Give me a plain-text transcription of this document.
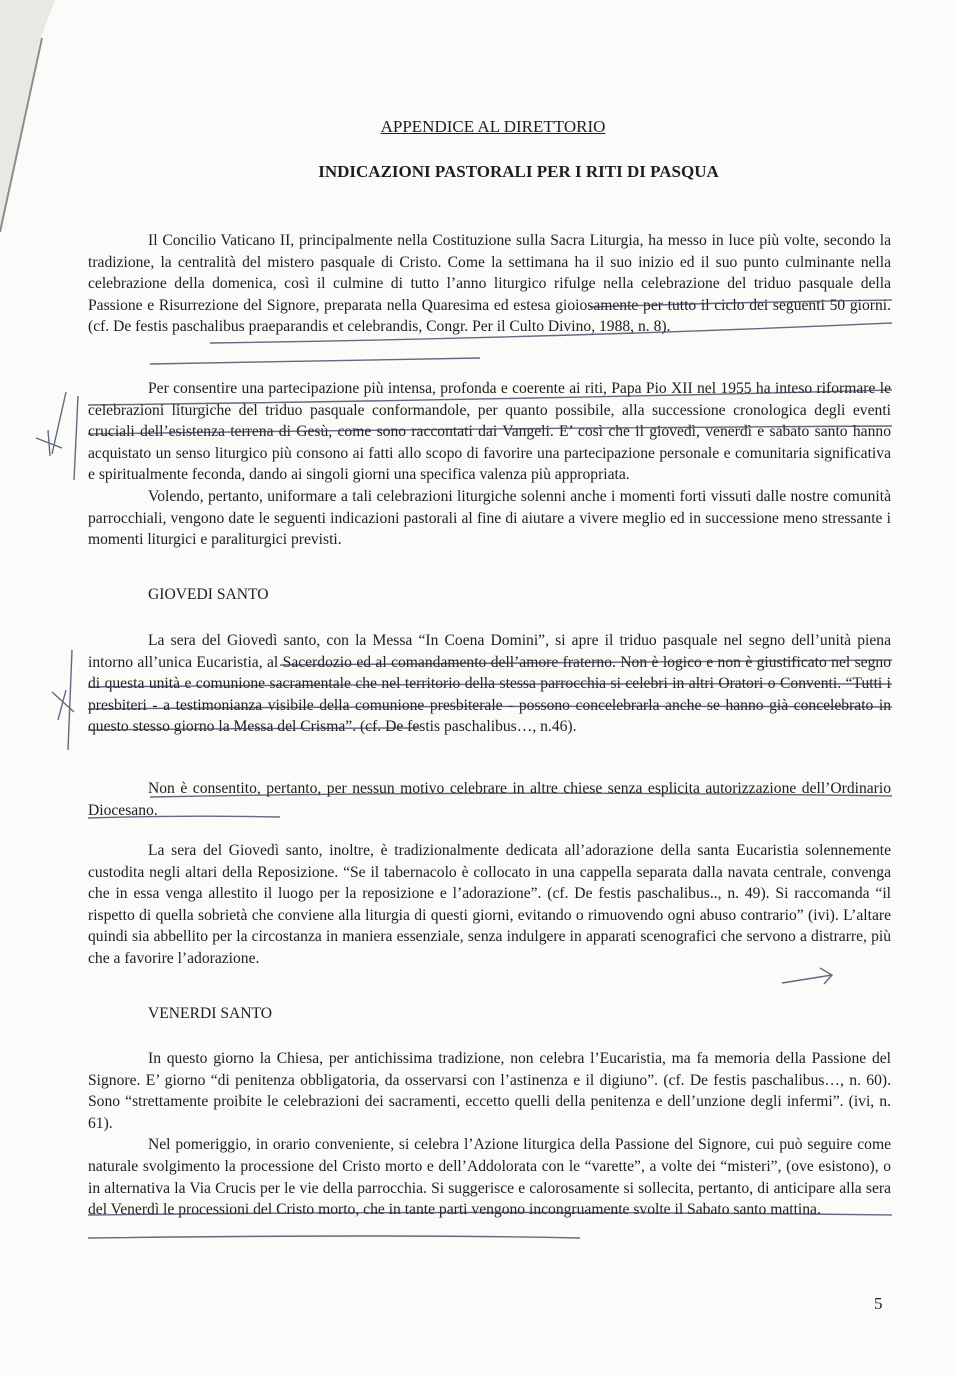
APPENDICE AL DIRETTORIO
INDICAZIONI PASTORALI PER I RITI DI PASQUA

Il Concilio Vaticano II, principalmente nella Costituzione sulla Sacra Liturgia, ha messo in luce più volte, secondo la tradizione, la centralità del mistero pasquale di Cristo. Come la settimana ha il suo inizio ed il suo punto culminante nella celebrazione della domenica, così il culmine di tutto l’anno liturgico rifulge nella celebrazione del triduo pasquale della Passione e Risurrezione del Signore, preparata nella Quaresima ed estesa gioiosamente per tutto il ciclo dei seguenti 50 giorni. (cf. De festis paschalibus praeparandis et celebrandis, Congr. Per il Culto Divino, 1988, n. 8).

Per consentire una partecipazione più intensa, profonda e coerente ai riti, Papa Pio XII nel 1955 ha inteso riformare le celebrazioni liturgiche del triduo pasquale conformandole, per quanto possibile, alla successione cronologica degli eventi cruciali dell’esistenza terrena di Gesù, come sono raccontati dai Vangeli. E’ così che il giovedì, venerdì e sabato santo hanno acquistato un senso liturgico più consono ai fatti allo scopo di favorire una partecipazione personale e comunitaria significativa e spiritualmente feconda, dando ai singoli giorni una specifica valenza più appropriata.

Volendo, pertanto, uniformare a tali celebrazioni liturgiche solenni anche i momenti forti vissuti dalle nostre comunità parrocchiali, vengono date le seguenti indicazioni pastorali al fine di aiutare a vivere meglio ed in successione meno stressante i momenti liturgici e paraliturgici previsti.

GIOVEDI SANTO

La sera del Giovedì santo, con la Messa “In Coena Domini”, si apre il triduo pasquale nel segno dell’unità piena intorno all’unica Eucaristia, al Sacerdozio ed al comandamento dell’amore fraterno. Non è logico e non è giustificato nel segno di questa unità e comunione sacramentale che nel territorio della stessa parrocchia si celebri in altri Oratori o Conventi. “Tutti i presbiteri - a testimonianza visibile della comunione presbiterale - possono concelebrarla anche se hanno già concelebrato in questo stesso giorno la Messa del Crisma”. (cf. De festis paschalibus…, n.46).

Non è consentito, pertanto, per nessun motivo celebrare in altre chiese senza esplicita autorizzazione dell’Ordinario Diocesano.

La sera del Giovedì santo, inoltre, è tradizionalmente dedicata all’adorazione della santa Eucaristia solennemente custodita negli altari della Reposizione. “Se il tabernacolo è collocato in una cappella separata dalla navata centrale, convenga che in essa venga allestito il luogo per la reposizione e l’adorazione”. (cf. De festis paschalibus.., n. 49). Si raccomanda “il rispetto di quella sobrietà che conviene alla liturgia di questi giorni, evitando o rimuovendo ogni abuso contrario” (ivi). L’altare quindi sia abbellito per la circostanza in maniera essenziale, senza indulgere in apparati scenografici che servono a distrarre, più che a favorire l’adorazione.

VENERDI SANTO

In questo giorno la Chiesa, per antichissima tradizione, non celebra l’Eucaristia, ma fa memoria della Passione del Signore. E’ giorno “di penitenza obbligatoria, da osservarsi con l’astinenza e il digiuno”. (cf. De festis paschalibus…, n. 60). Sono “strettamente proibite le celebrazioni dei sacramenti, eccetto quelli della penitenza e dell’unzione degli infermi”. (ivi, n. 61).

Nel pomeriggio, in orario conveniente, si celebra l’Azione liturgica della Passione del Signore, cui può seguire come naturale svolgimento la processione del Cristo morto e dell’Addolorata con le “varette”, a volte dei “misteri”, (ove esistono), o in alternativa la Via Crucis per le vie della parrocchia. Si suggerisce e calorosamente si sollecita, pertanto, di anticipare alla sera del Venerdì le processioni del Cristo morto, che in tante parti vengono incongruamente svolte il Sabato santo mattina.

5
